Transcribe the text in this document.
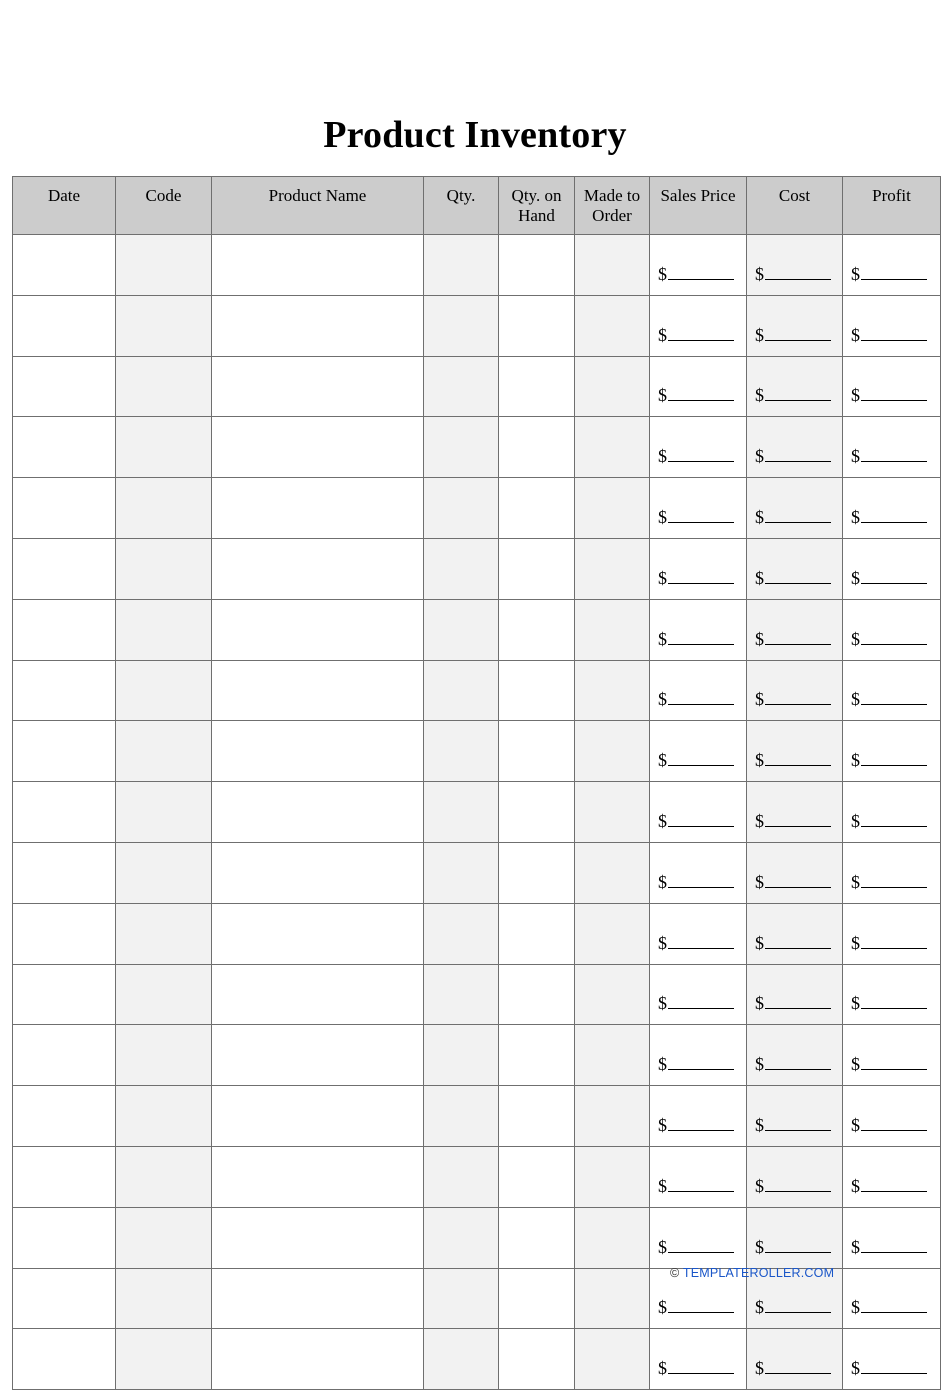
Product Inventory
Date	Code	Product Name	Qty.	Qty. on Hand	Made to Order	Sales Price	Cost	Profit
						$	$	$
						$	$	$
						$	$	$
						$	$	$
						$	$	$
						$	$	$
						$	$	$
						$	$	$
						$	$	$
						$	$	$
						$	$	$
						$	$	$
						$	$	$
						$	$	$
						$	$	$
						$	$	$
						$	$	$
						$	$	$
						$	$	$
© TEMPLATEROLLER.COM
